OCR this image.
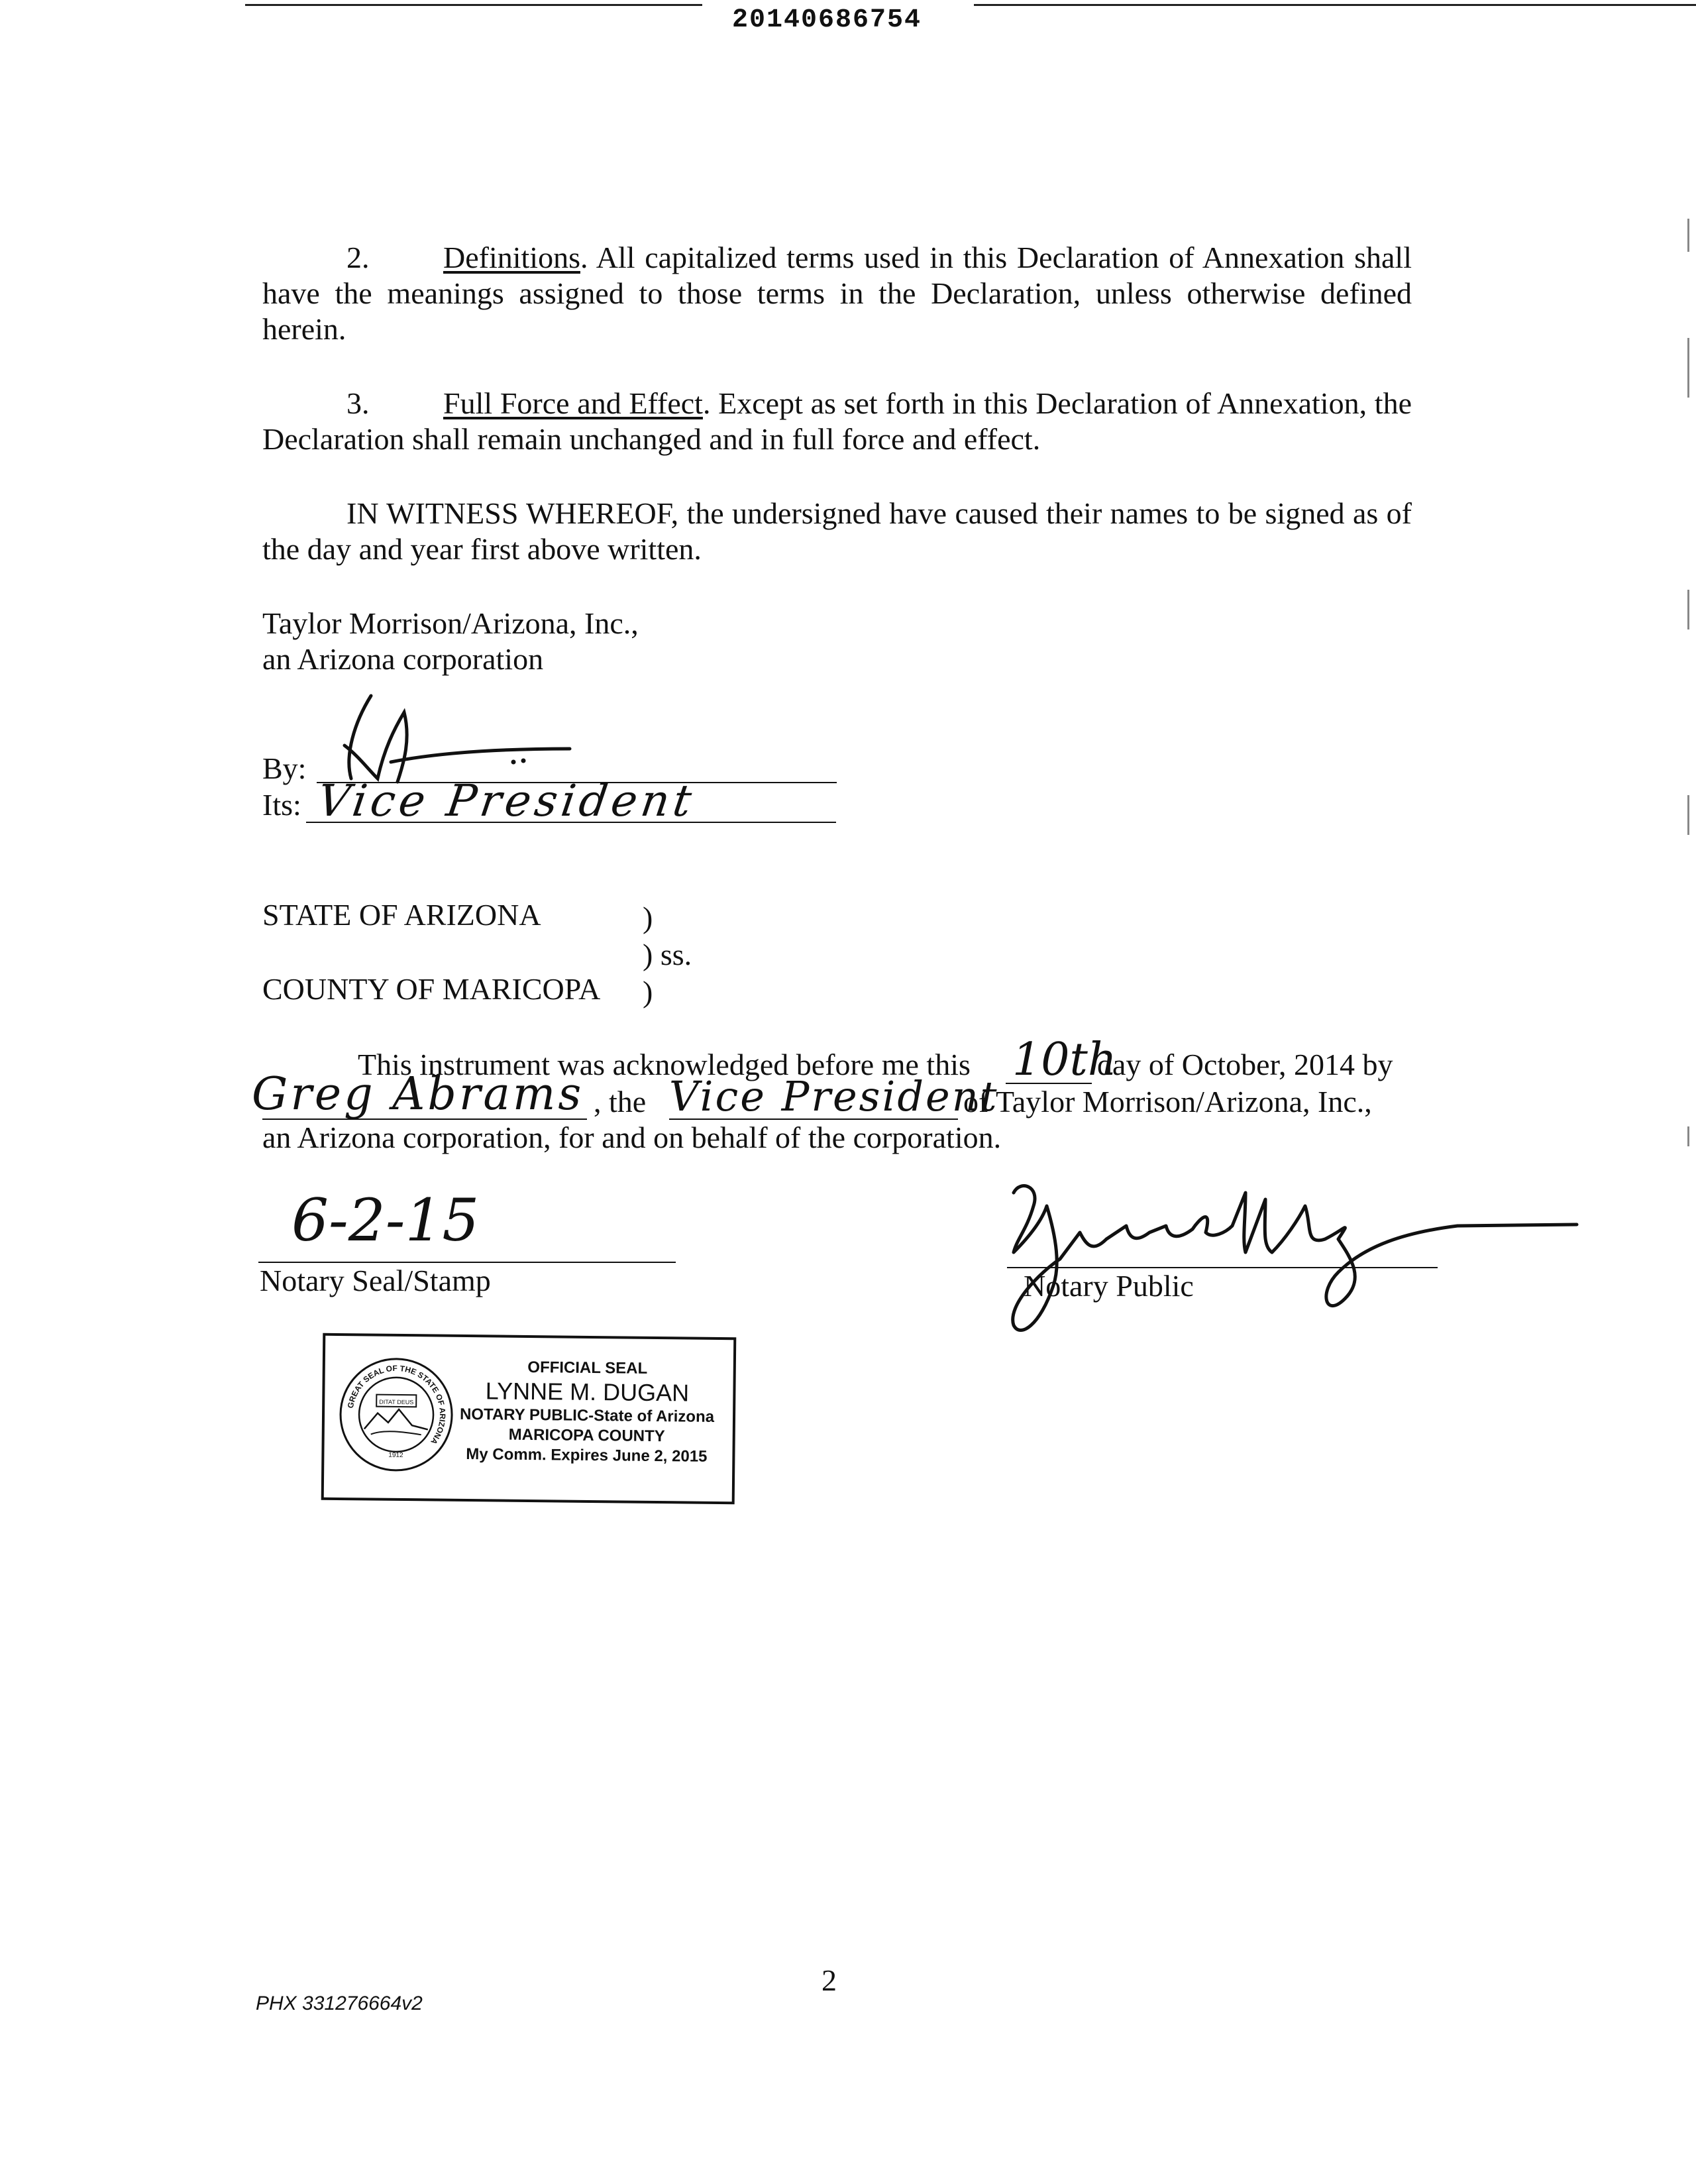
20140686754
2. Definitions. All capitalized terms used in this Declaration of Annexation shall have the meanings assigned to those terms in the Declaration, unless otherwise defined herein.
3. Full Force and Effect. Except as set forth in this Declaration of Annexation, the Declaration shall remain unchanged and in full force and effect.
IN WITNESS WHEREOF, the undersigned have caused their names to be signed as of the day and year first above written.
Taylor Morrison/Arizona, Inc.,
an Arizona corporation
By:
Its: Vice President
STATE OF ARIZONA	)
) ss.
COUNTY OF MARICOPA )
This instrument was acknowledged before me this 10th
day of October, 2014 by
Greg Abrams , the Vice President
of Taylor Morrison/Arizona, Inc.,
an Arizona corporation, for and on behalf of the corporation.
6-2-15
Notary Seal/Stamp	Notary Public
GREAT SEAL OF THE STATE OF ARIZONA
DITAT DEUS
1912
OFFICIAL SEAL
LYNNE M. DUGAN
NOTARY PUBLIC-State of Arizona
MARICOPA COUNTY
My Comm. Expires June 2, 2015
2
PHX 331276664v2
